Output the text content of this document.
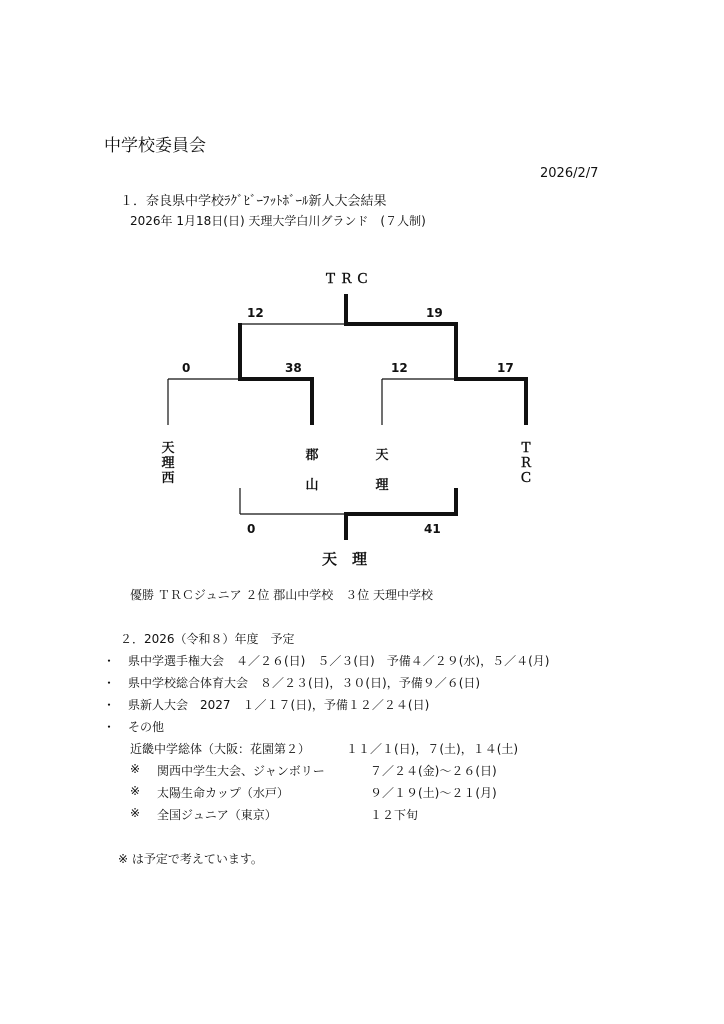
中学校委員会
2026/2/7
１．奈良県中学校ﾗｸﾞﾋﾞｰﾌｯﾄﾎﾞｰﾙ新人大会結果
2026年 1月18日(日) 天理大学白川グランド　(７人制)
ＴＲＣ
12	19
0	38	12	17
天
理
西
郡
山
天
理
Ｔ
Ｒ
Ｃ
0	41
天　理
優勝 ＴＲＣジュニア ２位 郡山中学校　３位 天理中学校
２．2026（令和８）年度　予定
・ 県中学選手権大会　４／２６(日)　５／３(日)　予備４／２９(水)，５／４(月)
・ 県中学校総合体育大会　８／２３(日)，３０(日)，予備９／６(日)
・ 県新人大会　2027　１／１７(日)，予備１２／２４(日)
・ その他
近畿中学総体（大阪：花園第２）	１１／１(日)，７(土)，１４(土)
※ 関西中学生大会、ジャンボリー	７／２４(金)～２６(日)
※ 太陽生命カップ（水戸）	９／１９(土)～２１(月)
※ 全国ジュニア（東京）	１２下旬
※ は予定で考えています。
